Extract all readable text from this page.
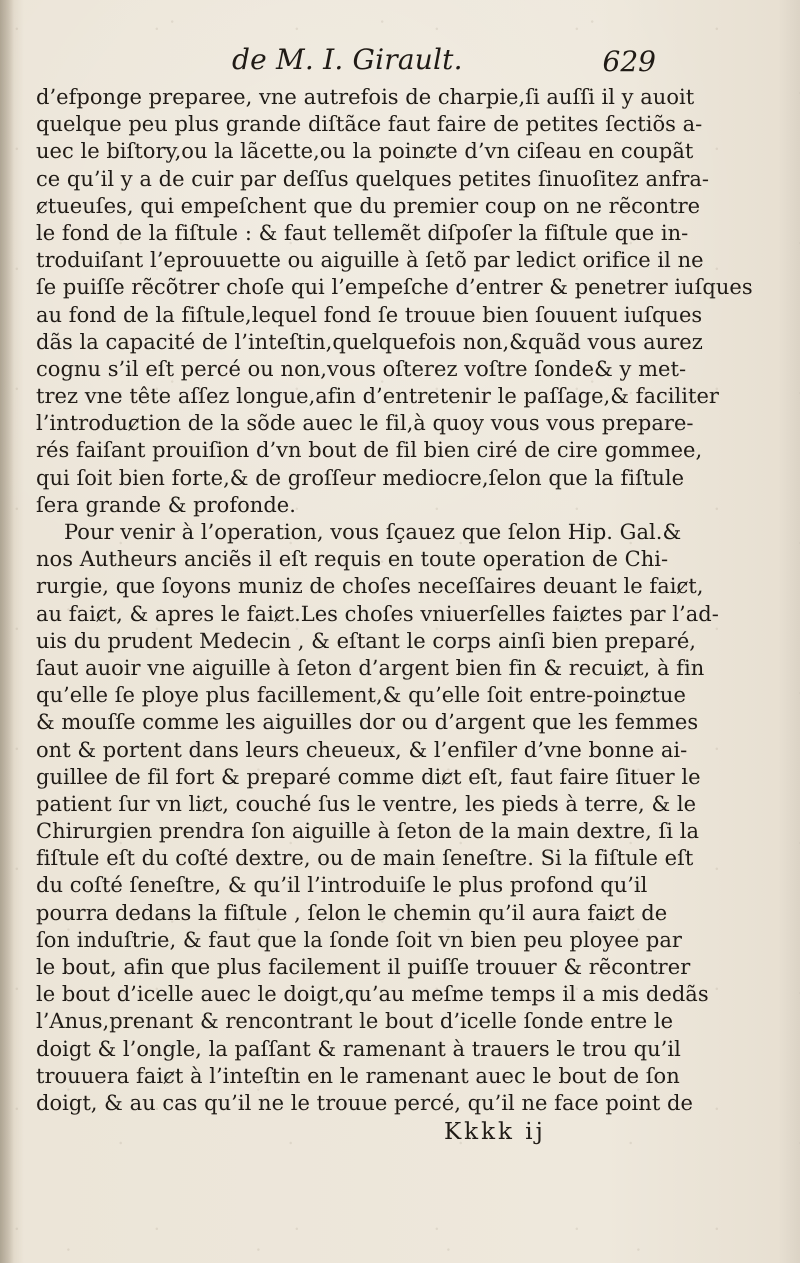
de M. I. Girault.	629
d’efponge preparee, vne autrefois de charpie,ſi auſſi il y auoit
quelque peu plus grande diſtãce faut faire de petites ſectiõs a-
uec le biſtory,ou la lãcette,ou la poinȼte d’vn ciſeau en coupãt
ce qu’il y a de cuir par deſſus quelques petites ſinuoſitez anfra-
ȼtueuſes, qui empeſchent que du premier coup on ne rẽcontre
le fond de la fiſtule : & faut tellemẽt diſpoſer la fiſtule que in-
troduiſant l’eprouuette ou aiguille à ſetõ par ledict orifice il ne
ſe puiſſe rẽcõtrer choſe qui l’empeſche d’entrer & penetrer iuſques
au fond de la fiſtule,lequel fond ſe trouue bien ſouuent iuſques
dãs la capacité de l’inteſtin,quelquefois non,&quãd vous aurez
cognu s’il eſt percé ou non,vous oſterez voſtre ſonde& y met-
trez vne tête aſſez longue,afin d’entretenir le paſſage,& faciliter
l’introduȼtion de la sõde auec le fil,à quoy vous vous prepare-
rés faiſant prouiſion d’vn bout de fil bien ciré de cire gommee,
qui ſoit bien forte,& de groſſeur mediocre,ſelon que la fiſtule
ſera grande & profonde.
Pour venir à l’operation, vous ſçauez que ſelon Hip. Gal.&
nos Autheurs anciẽs il eſt requis en toute operation de Chi-
rurgie, que ſoyons muniz de choſes neceſſaires deuant le faiȼt,
au faiȼt, & apres le faiȼt.Les choſes vniuerſelles faiȼtes par l’ad-
uis du prudent Medecin , & eſtant le corps ainſi bien preparé,
ſaut auoir vne aiguille à ſeton d’argent bien fin & recuiȼt, à fin
qu’elle ſe ploye plus facillement,& qu’elle ſoit entre-poinȼtue
& mouſſe comme les aiguilles dor ou d’argent que les femmes
ont & portent dans leurs cheueux, & l’enfiler d’vne bonne ai-
guillee de fil fort & preparé comme diȼt eſt, faut faire ſituer le
patient ſur vn liȼt, couché ſus le ventre, les pieds à terre, & le
Chirurgien prendra ſon aiguille à ſeton de la main dextre, ſi la
fiſtule eſt du coſté dextre, ou de main ſeneſtre. Si la fiſtule eſt
du coſté ſeneſtre, & qu’il l’introduiſe le plus profond qu’il
pourra dedans la fiſtule , ſelon le chemin qu’il aura faiȼt de
ſon induſtrie, & faut que la ſonde ſoit vn bien peu ployee par
le bout, afin que plus facilement il puiſſe trouuer & rẽcontrer
le bout d’icelle auec le doigt,qu’au meſme temps il a mis dedãs
l’Anus,prenant & rencontrant le bout d’icelle ſonde entre le
doigt & l’ongle, la paſſant & ramenant à trauers le trou qu’il
trouuera faiȼt à l’inteſtin en le ramenant auec le bout de ſon
doigt, & au cas qu’il ne le trouue percé, qu’il ne face point de
Kkkk ij
